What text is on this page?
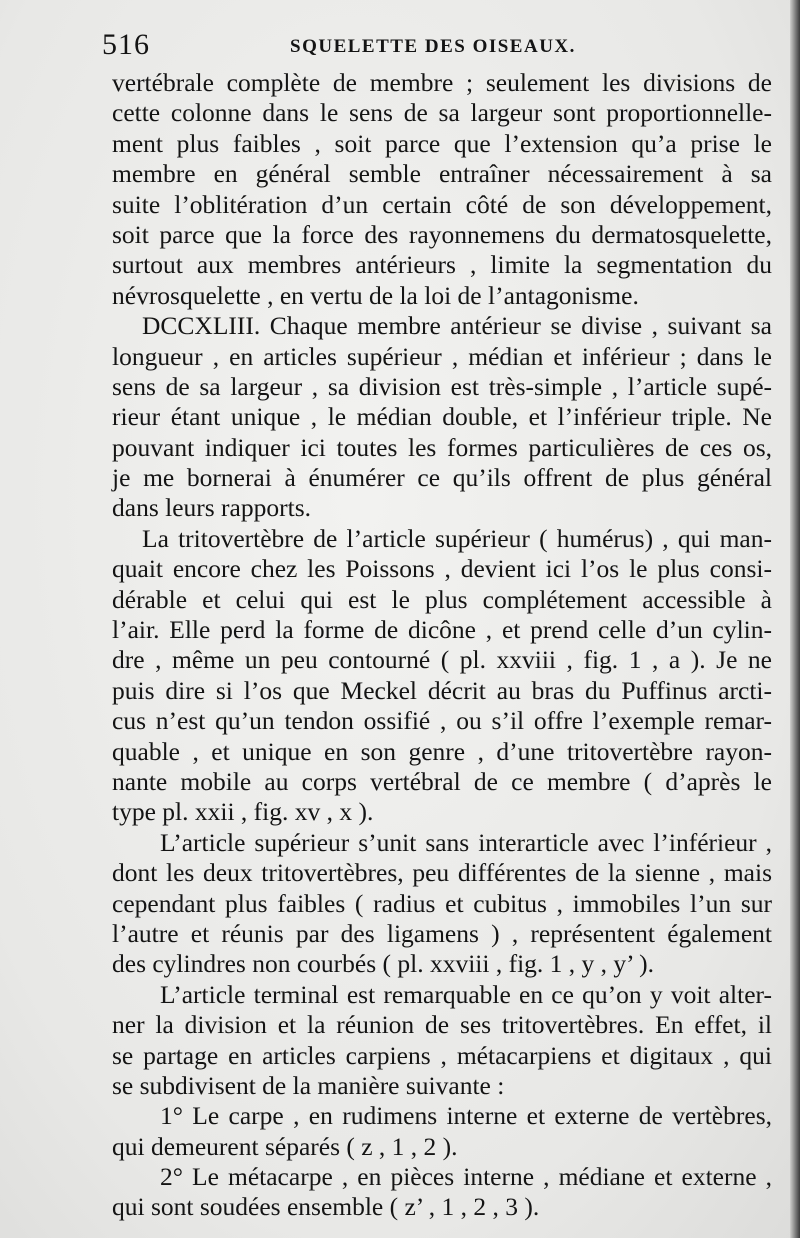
516	SQUELETTE DES OISEAUX.
vertébrale complète de membre ; seulement les divisions de
cette colonne dans le sens de sa largeur sont proportionnelle-
ment plus faibles , soit parce que l’extension qu’a prise le
membre en général semble entraîner nécessairement à sa
suite l’oblitération d’un certain côté de son développement,
soit parce que la force des rayonnemens du dermatosquelette,
surtout aux membres antérieurs , limite la segmentation du
névrosquelette , en vertu de la loi de l’antagonisme.
DCCXLIII. Chaque membre antérieur se divise , suivant sa
longueur , en articles supérieur , médian et inférieur ; dans le
sens de sa largeur , sa division est très-simple , l’article supé-
rieur étant unique , le médian double, et l’inférieur triple. Ne
pouvant indiquer ici toutes les formes particulières de ces os,
je me bornerai à énumérer ce qu’ils offrent de plus général
dans leurs rapports.
La tritovertèbre de l’article supérieur ( humérus) , qui man-
quait encore chez les Poissons , devient ici l’os le plus consi-
dérable et celui qui est le plus complétement accessible à
l’air. Elle perd la forme de dicône , et prend celle d’un cylin-
dre , même un peu contourné ( pl. xxviii , fig. 1 , a ). Je ne
puis dire si l’os que Meckel décrit au bras du Puffinus arcti-
cus n’est qu’un tendon ossifié , ou s’il offre l’exemple remar-
quable , et unique en son genre , d’une tritovertèbre rayon-
nante mobile au corps vertébral de ce membre ( d’après le
type pl. xxii , fig. xv , x ).
L’article supérieur s’unit sans interarticle avec l’inférieur ,
dont les deux tritovertèbres, peu différentes de la sienne , mais
cependant plus faibles ( radius et cubitus , immobiles l’un sur
l’autre et réunis par des ligamens ) , représentent également
des cylindres non courbés ( pl. xxviii , fig. 1 , y , y’ ).
L’article terminal est remarquable en ce qu’on y voit alter-
ner la division et la réunion de ses tritovertèbres. En effet, il
se partage en articles carpiens , métacarpiens et digitaux , qui
se subdivisent de la manière suivante :
1° Le carpe , en rudimens interne et externe de vertèbres,
qui demeurent séparés ( z , 1 , 2 ).
2° Le métacarpe , en pièces interne , médiane et externe ,
qui sont soudées ensemble ( z’ , 1 , 2 , 3 ).
